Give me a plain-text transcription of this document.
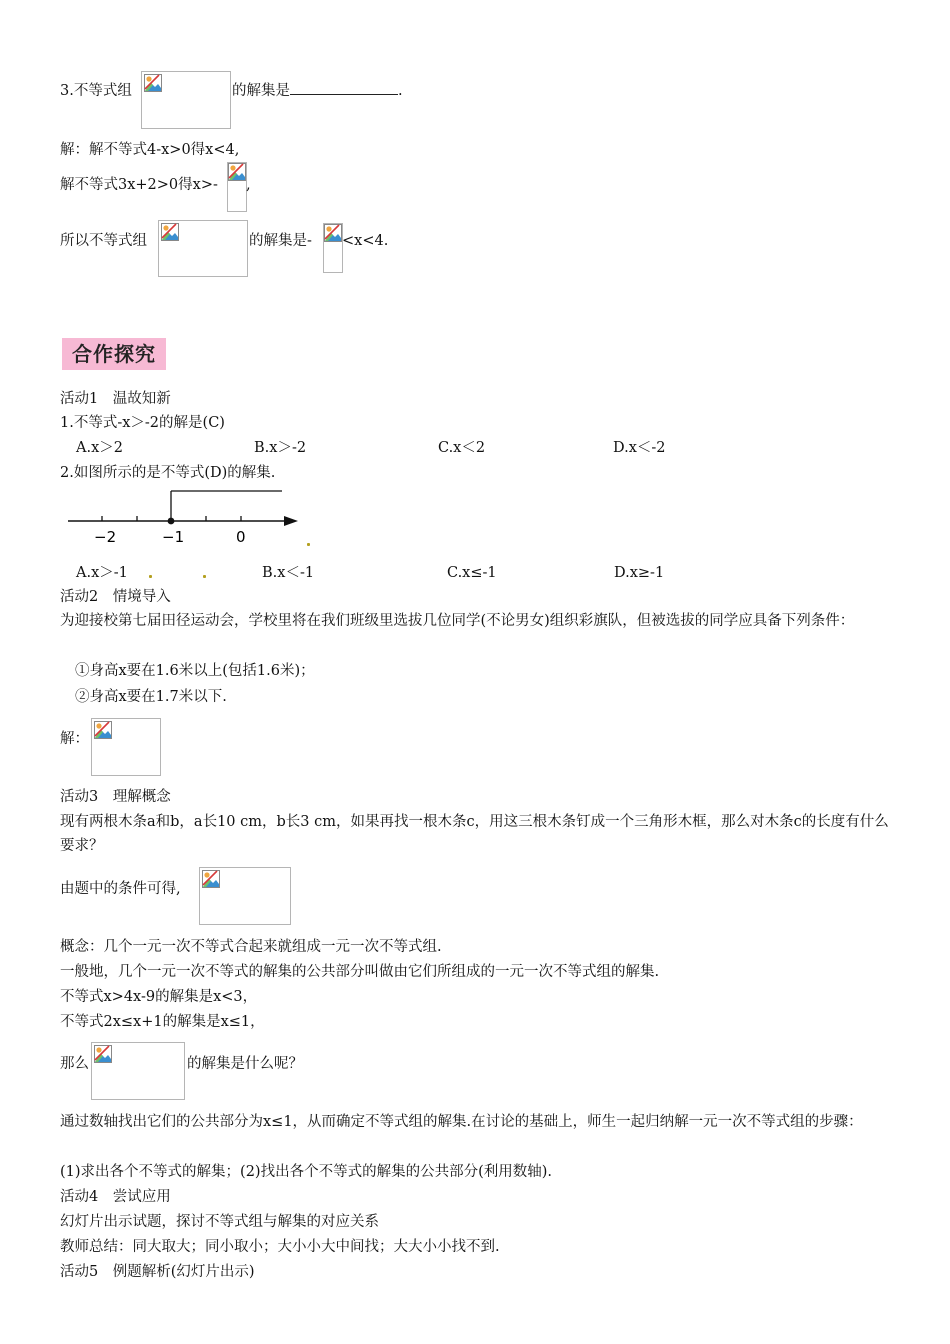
3.不等式组	的解集是	.
解：解不等式4-x>0得x<4,
解不等式3x+2>0得x>- ,
所以不等式组	的解集是- <x<4.
合作探究
活动1　温故知新
1.不等式-x＞-2的解是(C)
A.x＞2	B.x＞-2	C.x＜2	D.x＜-2
2.如图所示的是不等式(D)的解集.
−2	−1	0
A.x＞-1	B.x＜-1	C.x≤-1	D.x≥-1
活动2　情境导入
为迎接校第七届田径运动会，学校里将在我们班级里选拔几位同学(不论男女)组织彩旗队，但被选拔的同学应具备下列条件：
①身高x要在1.6米以上(包括1.6米)；
②身高x要在1.7米以下.
解：
活动3　理解概念
现有两根木条a和b，a长10 cm，b长3 cm，如果再找一根木条c，用这三根木条钉成一个三角形木框，那么对木条c的长度有什么要求？
由题中的条件可得,
概念：几个一元一次不等式合起来就组成一元一次不等式组.
一般地，几个一元一次不等式的解集的公共部分叫做由它们所组成的一元一次不等式组的解集.
不等式x>4x-9的解集是x<3，
不等式2x≤x+1的解集是x≤1，
那么	的解集是什么呢？
通过数轴找出它们的公共部分为x≤1，从而确定不等式组的解集.在讨论的基础上，师生一起归纳解一元一次不等式组的步骤：
(1)求出各个不等式的解集；(2)找出各个不等式的解集的公共部分(利用数轴).
活动4　尝试应用
幻灯片出示试题，探讨不等式组与解集的对应关系
教师总结：同大取大；同小取小；大小小大中间找；大大小小找不到.
活动5　例题解析(幻灯片出示)
